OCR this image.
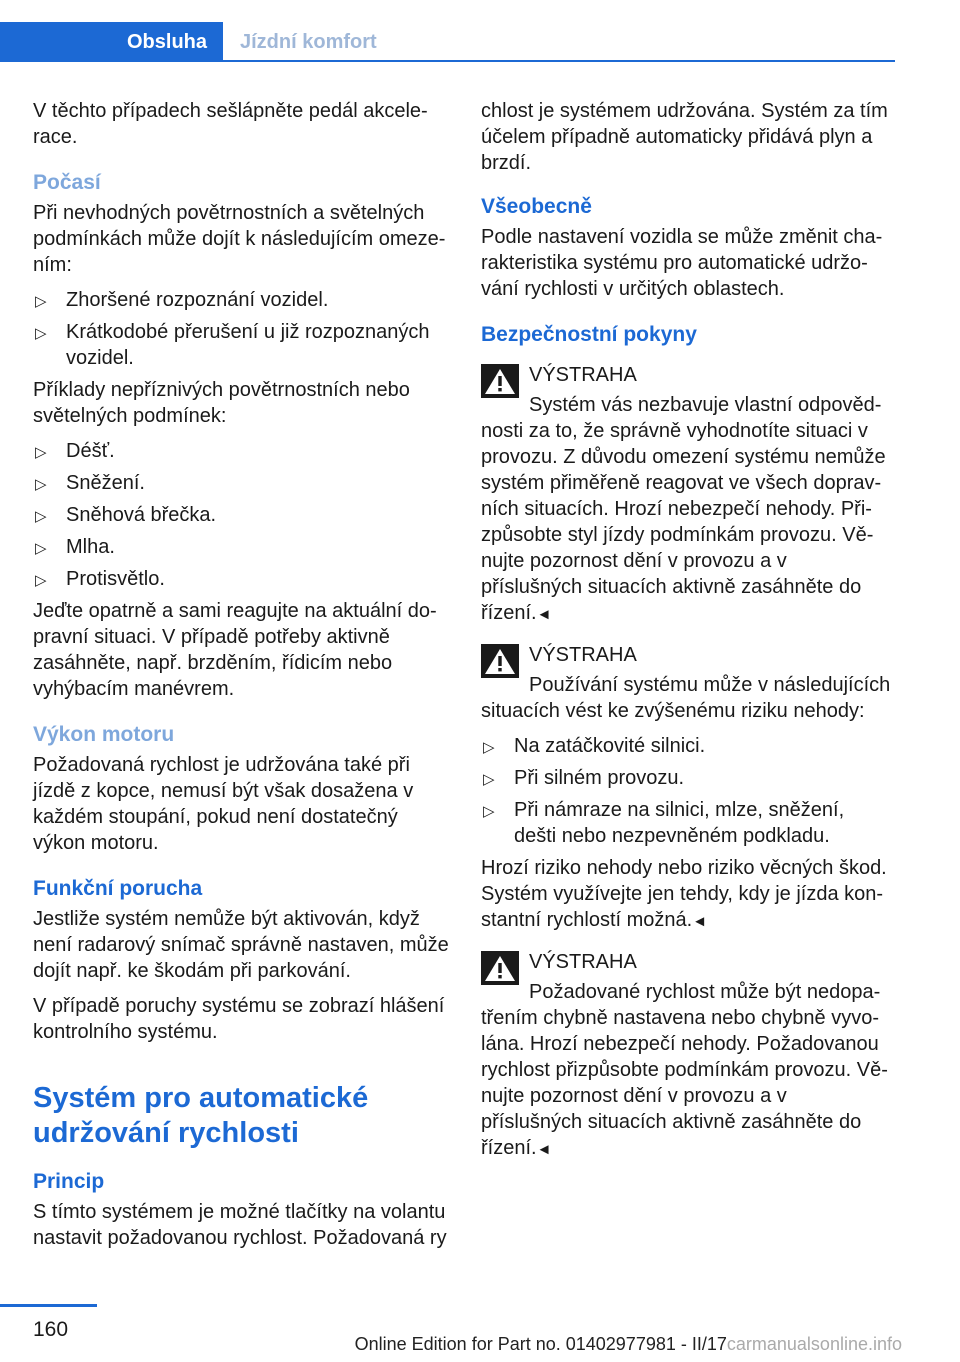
Obsluha	Jízdní komfort

V těchto případech sešlápněte pedál akcelerace.

Počasí

Při nevhodných povětrnostních a světelných podmínkách může dojít k následujícím omezením:

▷ Zhoršené rozpoznání vozidel.
▷ Krátkodobé přerušení u již rozpoznaných vozidel.

Příklady nepříznivých povětrnostních nebo světelných podmínek:

▷ Déšť.
▷ Sněžení.
▷ Sněhová břečka.
▷ Mlha.
▷ Protisvětlo.

Jeďte opatrně a sami reagujte na aktuální dopravní situaci. V případě potřeby aktivně zasáhněte, např. brzděním, řídicím nebo vyhýbacím manévrem.

Výkon motoru

Požadovaná rychlost je udržována také při jízdě z kopce, nemusí být však dosažena v každém stoupání, pokud není dostatečný výkon motoru.

Funkční porucha

Jestliže systém nemůže být aktivován, když není radarový snímač správně nastaven, může dojít např. ke škodám při parkování.

V případě poruchy systému se zobrazí hlášení kontrolního systému.

Systém pro automatické udržování rychlosti
Princip

S tímto systémem je možné tlačítky na volantu nastavit požadovanou rychlost. Požadovaná ry

chlost je systémem udržována. Systém za tím účelem případně automaticky přidává plyn a brzdí.

Všeobecně

Podle nastavení vozidla se může změnit charakteristika systému pro automatické udržování rychlosti v určitých oblastech.

Bezpečnostní pokyny
VÝSTRAHA

Systém vás nezbavuje vlastní odpovědnosti za to, že správně vyhodnotíte situaci v provozu. Z důvodu omezení systému nemůže systém přiměřeně reagovat ve všech dopravních situacích. Hrozí nebezpečí nehody. Přizpůsobte styl jízdy podmínkám provozu. Věnujte pozornost dění v provozu a v příslušných situacích aktivně zasáhněte do řízení.◄

VÝSTRAHA

Používání systému může v následujících situacích vést ke zvýšenému riziku nehody:

▷ Na zatáčkovité silnici.
▷ Při silném provozu.
▷ Při námraze na silnici, mlze, sněžení, dešti nebo nezpevněném podkladu.

Hrozí riziko nehody nebo riziko věcných škod. Systém využívejte jen tehdy, kdy je jízda konstantní rychlostí možná.◄

VÝSTRAHA

Požadované rychlost může být nedopatřením chybně nastavena nebo chybně vyvolána. Hrozí nebezpečí nehody. Požadovanou rychlost přizpůsobte podmínkám provozu. Věnujte pozornost dění v provozu a v příslušných situacích aktivně zasáhněte do řízení.◄

160
Online Edition for Part no. 01402977981 - II/17carmanualsonline.info
